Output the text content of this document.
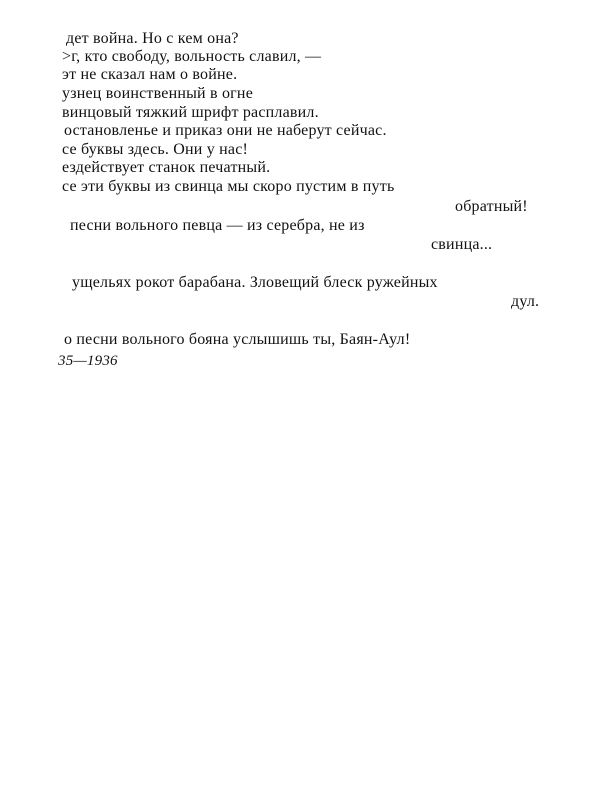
дет война. Но с кем она?
>г, кто свободу, вольность славил, —
эт не сказал нам о войне.
узнец воинственный в огне
винцовый тяжкий шрифт расплавил.
остановленье и приказ они не наберут сейчас.
се буквы здесь. Они у нас!
ездействует станок печатный.
се эти буквы из свинца мы скоро пустим в путь
обратный!
песни вольного певца — из серебра, не из
свинца...
ущельях рокот барабана. Зловещий блеск ружейных
дул.
о песни вольного бояна услышишь ты, Баян-Аул!
35—1936
